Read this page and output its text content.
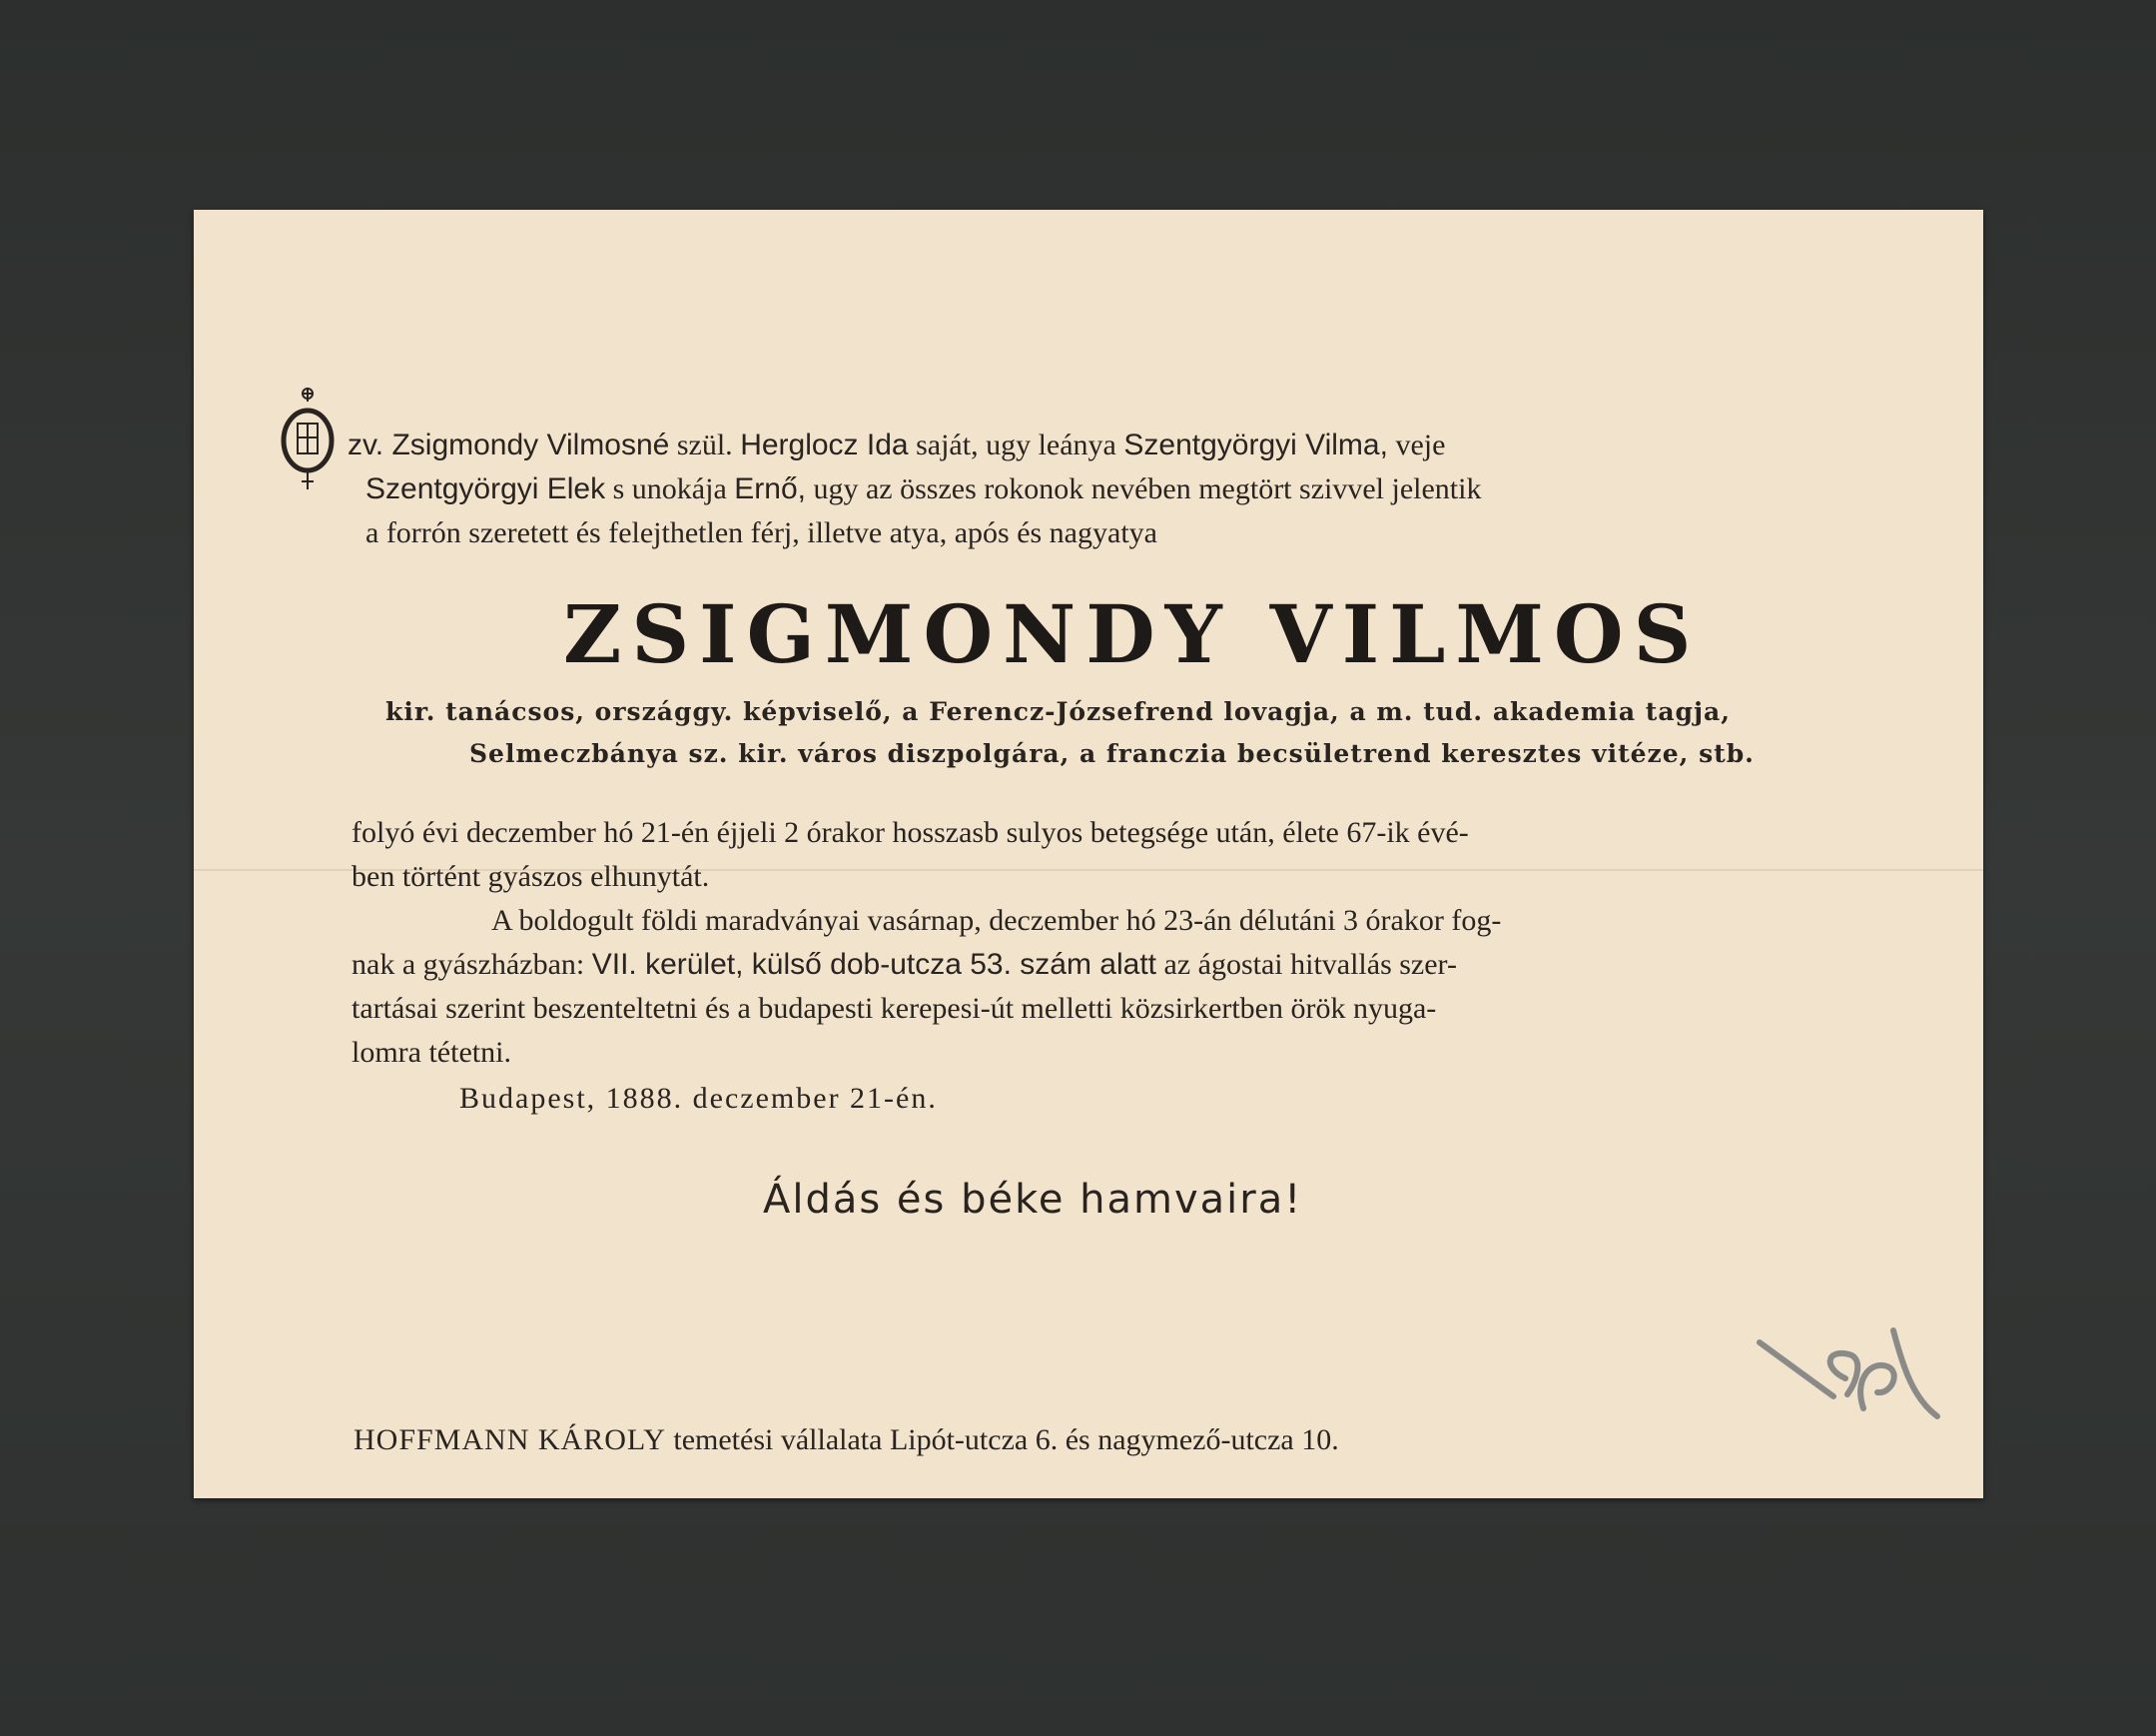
zv. Zsigmondy Vilmosné szül. Herglocz Ida saját, ugy leánya Szentgyörgyi Vilma, veje
Szentgyörgyi Elek s unokája Ernő, ugy az összes rokonok nevében megtört szivvel jelentik
a forrón szeretett és felejthetlen férj, illetve atya, após és nagyatya
ZSIGMONDY VILMOS
kir. tanácsos, országgy. képviselő, a Ferencz-Józsefrend lovagja, a m. tud. akademia tagja,
Selmeczbánya sz. kir. város diszpolgára, a franczia becsületrend keresztes vitéze, stb.
folyó évi deczember hó 21-én éjjeli 2 órakor hosszasb sulyos betegsége után, élete 67-ik évé-
ben történt gyászos elhunytát.
A boldogult földi maradványai vasárnap, deczember hó 23-án délutáni 3 órakor fog-
nak a gyászházban: VII. kerület, külső dob-utcza 53. szám alatt az ágostai hitvallás szer-
tartásai szerint beszenteltetni és a budapesti kerepesi-út melletti közsirkertben örök nyuga-
lomra tétetni.
Budapest, 1888. deczember 21-én.
Áldás és béke hamvaira!
HOFFMANN KÁROLY temetési vállalata Lipót-utcza 6. és nagymező-utcza 10.
